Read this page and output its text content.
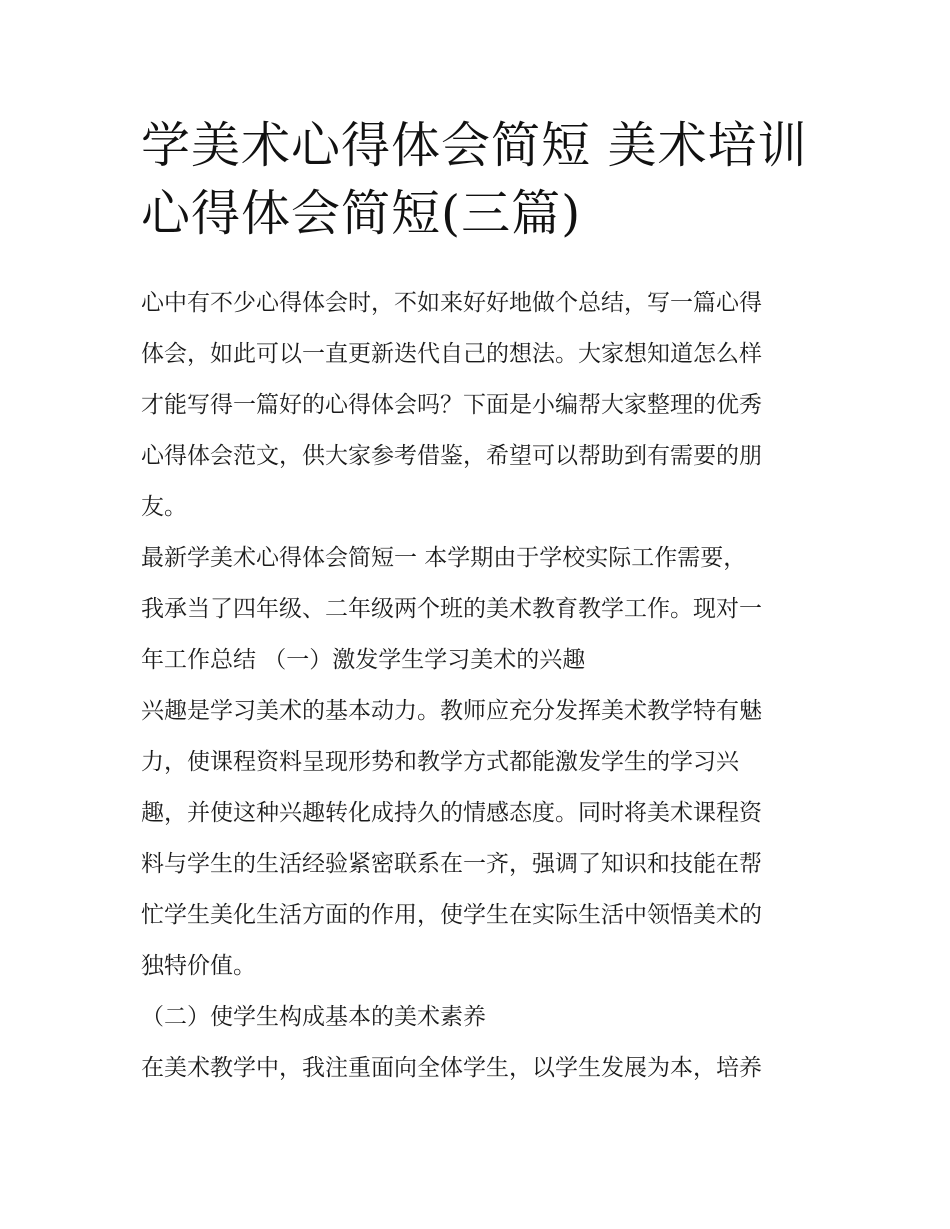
学美术心得体会简短 美术培训
心得体会简短(三篇)

心中有不少心得体会时，不如来好好地做个总结，写一篇心得
体会，如此可以一直更新迭代自己的想法。大家想知道怎么样
才能写得一篇好的心得体会吗？下面是小编帮大家整理的优秀
心得体会范文，供大家参考借鉴，希望可以帮助到有需要的朋
友。

最新学美术心得体会简短一 本学期由于学校实际工作需要，
我承当了四年级、二年级两个班的美术教育教学工作。现对一
年工作总结 （一）激发学生学习美术的兴趣

兴趣是学习美术的基本动力。教师应充分发挥美术教学特有魅
力，使课程资料呈现形势和教学方式都能激发学生的学习兴
趣，并使这种兴趣转化成持久的情感态度。同时将美术课程资
料与学生的生活经验紧密联系在一齐，强调了知识和技能在帮
忙学生美化生活方面的作用，使学生在实际生活中领悟美术的
独特价值。

（二）使学生构成基本的美术素养

在美术教学中，我注重面向全体学生，以学生发展为本，培养
